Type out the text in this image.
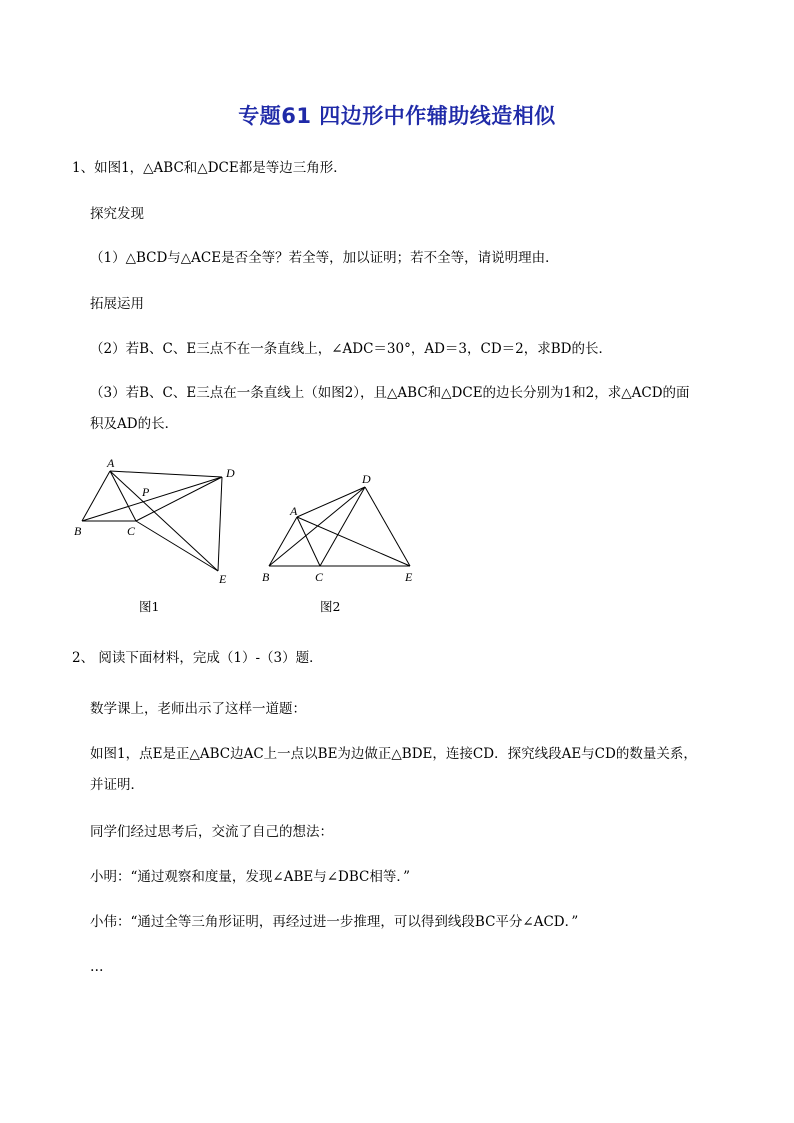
专题61 四边形中作辅助线造相似
1、如图1，△ABC和△DCE都是等边三角形．
探究发现
（1）△BCD与△ACE是否全等？若全等，加以证明；若不全等，请说明理由．
拓展运用
（2）若B、C、E三点不在一条直线上，∠ADC＝30°，AD＝3，CD＝2，求BD的长．
（3）若B、C、E三点在一条直线上（如图2），且△ABC和△DCE的边长分别为1和2，求△ACD的面
积及AD的长．
A
B	C
D
E
P
图1
A
B	C
D
E
图2
2、 阅读下面材料，完成（1）-（3）题．
数学课上，老师出示了这样一道题：
如图1，点E是正△ABC边AC上一点以BE为边做正△BDE，连接CD．探究线段AE与CD的数量关系，
并证明．
同学们经过思考后，交流了自己的想法：
小明：“通过观察和度量，发现∠ABE与∠DBC相等．”
小伟：“通过全等三角形证明，再经过进一步推理，可以得到线段BC平分∠ACD．”
…
